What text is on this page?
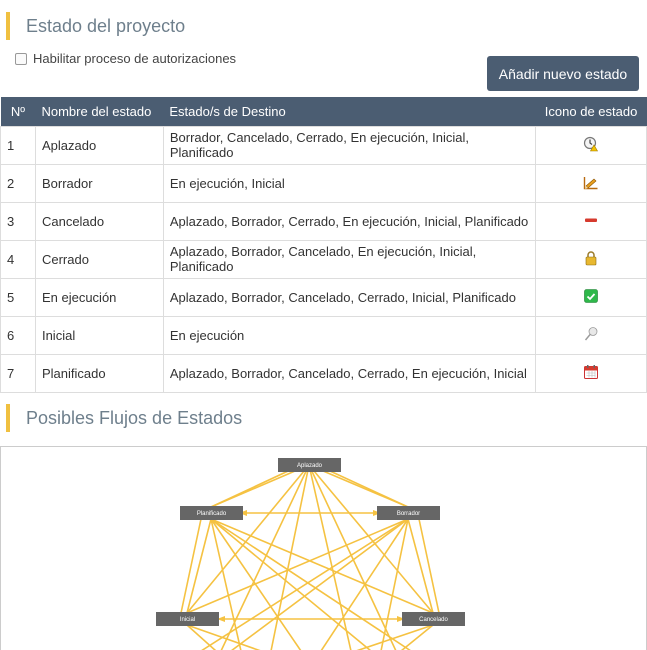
Estado del proyecto
Habilitar proceso de autorizaciones
Añadir nuevo estado
Nº	Nombre del estado	Estado/s de Destino	Icono de estado
1	Aplazado	Borrador, Cancelado, Cerrado, En ejecución, Inicial, Planificado	
2	Borrador	En ejecución, Inicial	
3	Cancelado	Aplazado, Borrador, Cerrado, En ejecución, Inicial, Planificado	
4	Cerrado	Aplazado, Borrador, Cancelado, En ejecución, Inicial, Planificado	
5	En ejecución	Aplazado, Borrador, Cancelado, Cerrado, Inicial, Planificado	
6	Inicial	En ejecución	
7	Planificado	Aplazado, Borrador, Cancelado, Cerrado, En ejecución, Inicial	
Posibles Flujos de Estados
Aplazado
Planificado	Borrador
Inicial	Cancelado
